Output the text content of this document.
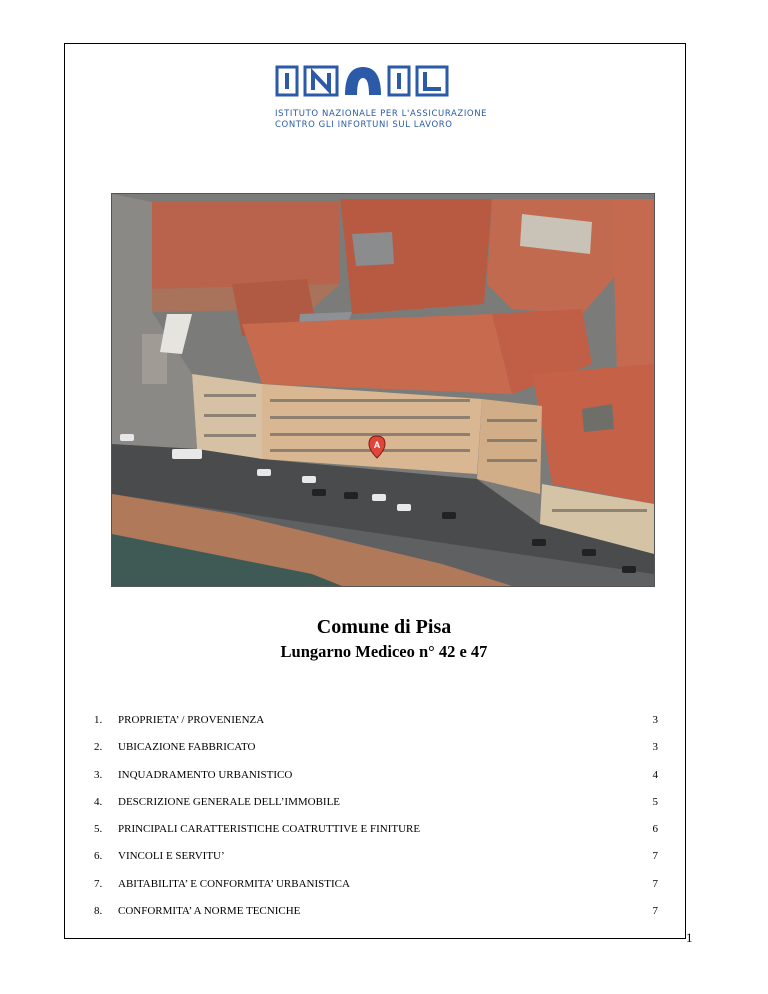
ISTITUTO NAZIONALE PER L'ASSICURAZIONE
CONTRO GLI INFORTUNI SUL LAVORO
A
Comune di Pisa
Lungarno Mediceo n° 42 e 47
1. PROPRIETA’ / PROVENIENZA	3
2. UBICAZIONE FABBRICATO	3
3. INQUADRAMENTO URBANISTICO	4
4. DESCRIZIONE GENERALE DELL’IMMOBILE	5
5. PRINCIPALI CARATTERISTICHE COATRUTTIVE E FINITURE	6
6. VINCOLI E SERVITU’	7
7. ABITABILITA’ E CONFORMITA’ URBANISTICA	7
8. CONFORMITA’ A NORME TECNICHE	7
1
